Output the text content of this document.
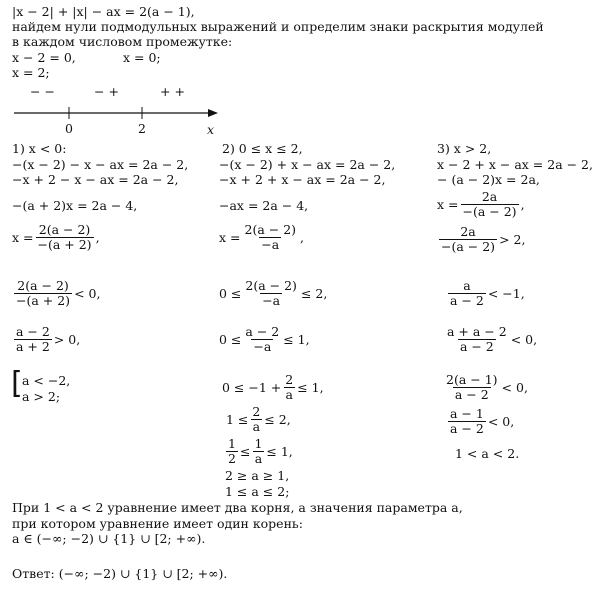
|x − 2| + |x| − ax = 2(a − 1),
найдем нули подмодульных выражений и определим знаки раскрытия модулей
в каждом числовом промежутке:
x − 2 = 0,	x = 0;
x = 2;
− −	− +	+ +
0	2	x
1) x < 0:
−(x − 2) − x − ax = 2a − 2,
−x + 2 − x − ax = 2a − 2,
−(a + 2)x = 2a − 4,
$x = \frac{2(a - 2)}{-(a + 2)}$ ,
$\frac{2(a - 2)}{-(a + 2)} < 0$,
$\frac{a - 2}{a + 2} > 0$,
[ a < −2,
a > 2;
2) 0 ≤ x ≤ 2,
−(x − 2) + x − ax = 2a − 2,
−x + 2 + x − ax = 2a − 2,
−ax = 2a − 4,
$x = \frac{2(a - 2)}{-a}$ ,
$0 \le \frac{2(a - 2)}{-a} \le 2$,
$0 \le \frac{a - 2}{-a} \le 1$,
$0 \le -1 + \frac{2}{a} \le 1$,
$1 \le \frac{2}{a} \le 2$,
$\frac{1}{2} \le \frac{1}{a} \le 1$,
2 ≥ a ≥ 1,
1 ≤ a ≤ 2;
3) x > 2,
x − 2 + x − ax = 2a − 2,
− (a − 2)x = 2a,
$x = \frac{2a}{-(a - 2)}$ ,
$\frac{2a}{-(a - 2)} > 2$,
$\frac{a}{a - 2} < -1$,
$\frac{a + a - 2}{a - 2} < 0$,
$\frac{2(a - 1)}{a - 2} < 0$,
$\frac{a - 1}{a - 2} < 0$,
1 < a < 2.
При 1 < a < 2 уравнение имеет два корня, а значения параметра a,
при котором уравнение имеет один корень:
a ∈ (−∞; −2) ∪ {1} ∪ [2; +∞).
Ответ: (−∞; −2) ∪ {1} ∪ [2; +∞).
